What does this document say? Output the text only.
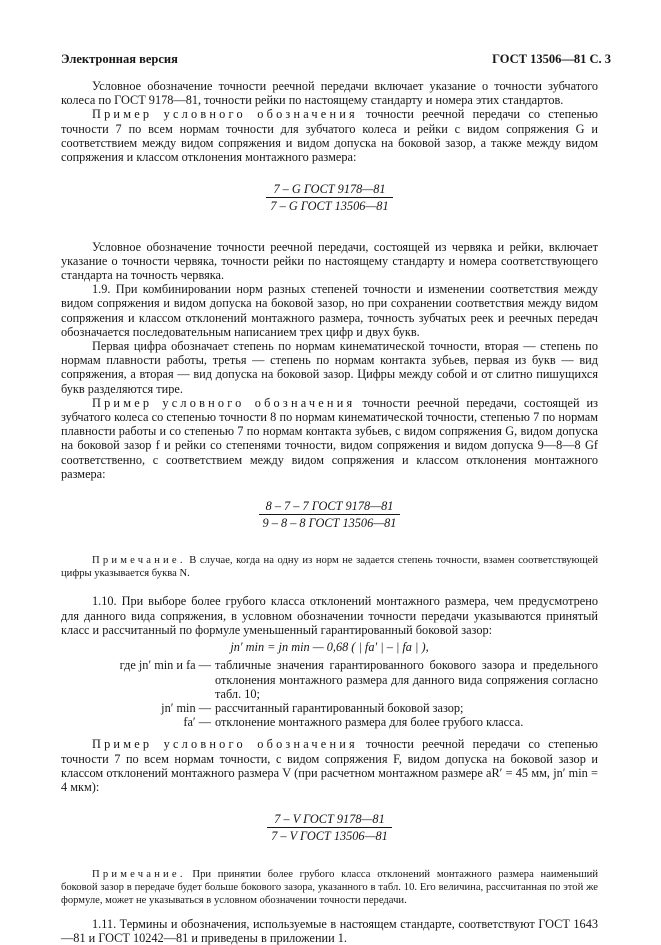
Электронная версия	ГОСТ 13506—81 С. 3

Условное обозначение точности реечной передачи включает указание о точности зубчатого колеса по ГОСТ 9178—81, точности рейки по настоящему стандарту и номера этих стандартов.

Пример условного обозначения точности реечной передачи со степенью точности 7 по всем нормам точности для зубчатого колеса и рейки с видом сопряжения G и соответствием между видом сопряжения и видом допуска на боковой зазор, а также между видом сопряжения и классом отклонения монтажного размера:

$\frac{\text{7 – G ГОСТ 9178—81}}{\text{7 – G ГОСТ 13506—81}}$

Условное обозначение точности реечной передачи, состоящей из червяка и рейки, включает указание о точности червяка, точности рейки по настоящему стандарту и номера соответствующего стандарта на точность червяка.

1.9. При комбинировании норм разных степеней точности и изменении соответствия между видом сопряжения и видом допуска на боковой зазор, но при сохранении соответствия между видом сопряжения и классом отклонений монтажного размера, точность зубчатых реек и реечных передач обозначается последовательным написанием трех цифр и двух букв.

Первая цифра обозначает степень по нормам кинематической точности, вторая — степень по нормам плавности работы, третья — степень по нормам контакта зубьев, первая из букв — вид сопряжения, а вторая — вид допуска на боковой зазор. Цифры между собой и от слитно пишущихся букв разделяются тире.

Пример условного обозначения точности реечной передачи, состоящей из зубчатого колеса со степенью точности 8 по нормам кинематической точности, степенью 7 по нормам плавности работы и со степенью 7 по нормам контакта зубьев, с видом сопряжения G, видом допуска на боковой зазор f и рейки со степенями точности, видом сопряжения и видом допуска 9—8—8 Gf соответственно, с соответствием между видом сопряжения и классом отклонения монтажного размера:

$\frac{\text{8 – 7 – 7 ГОСТ 9178—81}}{\text{9 – 8 – 8 ГОСТ 13506—81}}$

Примечание. В случае, когда на одну из норм не задается степень точности, взамен соответствующей цифры указывается буква N.

1.10. При выборе более грубого класса отклонений монтажного размера, чем предусмотрено для данного вида сопряжения, в условном обозначении точности передачи указываются принятый класс и рассчитанный по формуле уменьшенный гарантированный боковой зазор:

jn′ min = jn min — 0,68 ( | fa′ | – | fa | ),
где jn′ min и fa — табличные значения гарантированного бокового зазора и предельного отклонения монтажного размера для данного вида сопряжения согласно табл. 10;
jn′ min — рассчитанный гарантированный боковой зазор;
fa′ — отклонение монтажного размера для более грубого класса.

Пример условного обозначения точности реечной передачи со степенью точности 7 по всем нормам точности, с видом сопряжения F, видом допуска на боковой зазор и классом отклонений монтажного размера V (при расчетном монтажном размере aR′ = 45 мм, jn′ min = 4 мкм):

$\frac{\text{7 – V ГОСТ 9178—81}}{\text{7 – V ГОСТ 13506—81}}$

Примечание. При принятии более грубого класса отклонений монтажного размера наименьший боковой зазор в передаче будет больше бокового зазора, указанного в табл. 10. Его величина, рассчитанная по этой же формуле, может не указываться в условном обозначении точности передачи.

1.11. Термины и обозначения, используемые в настоящем стандарте, соответствуют ГОСТ 1643—81 и ГОСТ 10242—81 и приведены в приложении 1.
